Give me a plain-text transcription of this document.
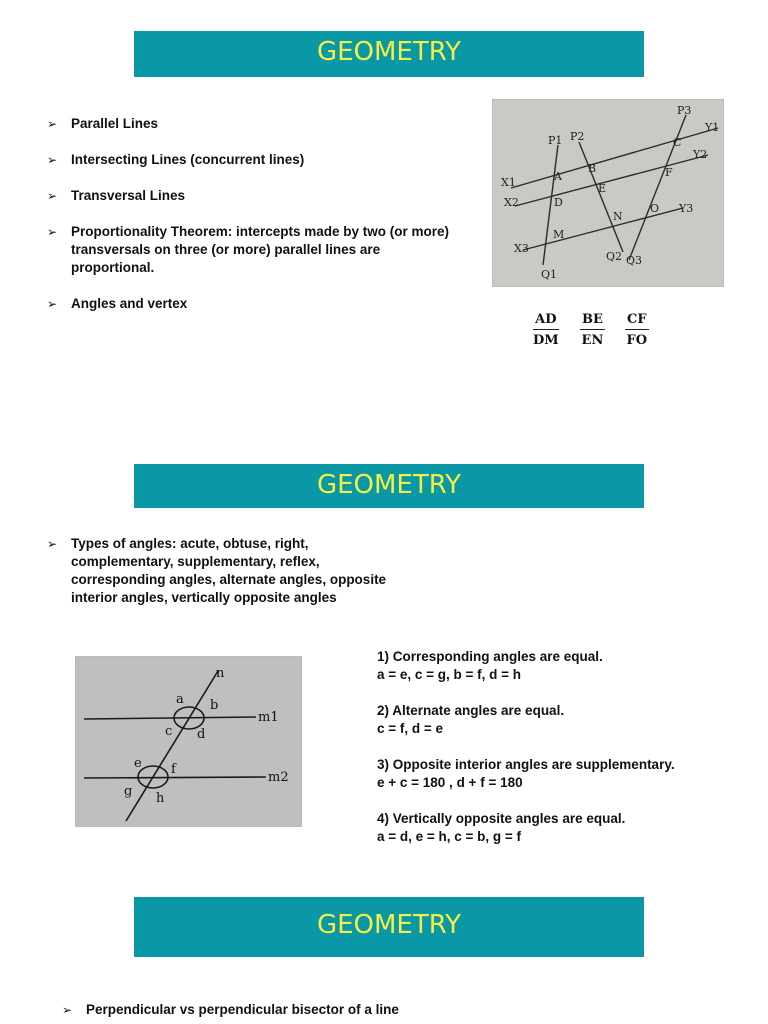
GEOMETRY
➢ Parallel Lines
➢ Intersecting Lines (concurrent lines)
➢ Transversal Lines
➢ Proportionality Theorem: intercepts made by two (or more) transversals on three (or more) parallel lines are proportional.
➢ Angles and vertex
P1 P2
P3
X1
X2
X3
Y1
Y2
Y3
Q1
Q2 Q3
A
B
C
D
E
F
M
N
O
$\frac{AD}{DM} \frac{BE}{EN} \frac{CF}{FO}$
GEOMETRY
➢ Types of angles: acute, obtuse, right, complementary, supplementary, reflex, corresponding angles, alternate angles, opposite interior angles, vertically opposite angles
n
a b
c d
e f
g h
m1
m2
1) Corresponding angles are equal.
a = e, c = g, b = f, d = h
2) Alternate angles are equal.
c = f, d = e
3) Opposite interior angles are supplementary.
e + c = 180 , d + f = 180
4) Vertically opposite angles are equal.
a = d, e = h, c = b, g = f
GEOMETRY
➢ Perpendicular vs perpendicular bisector of a line
